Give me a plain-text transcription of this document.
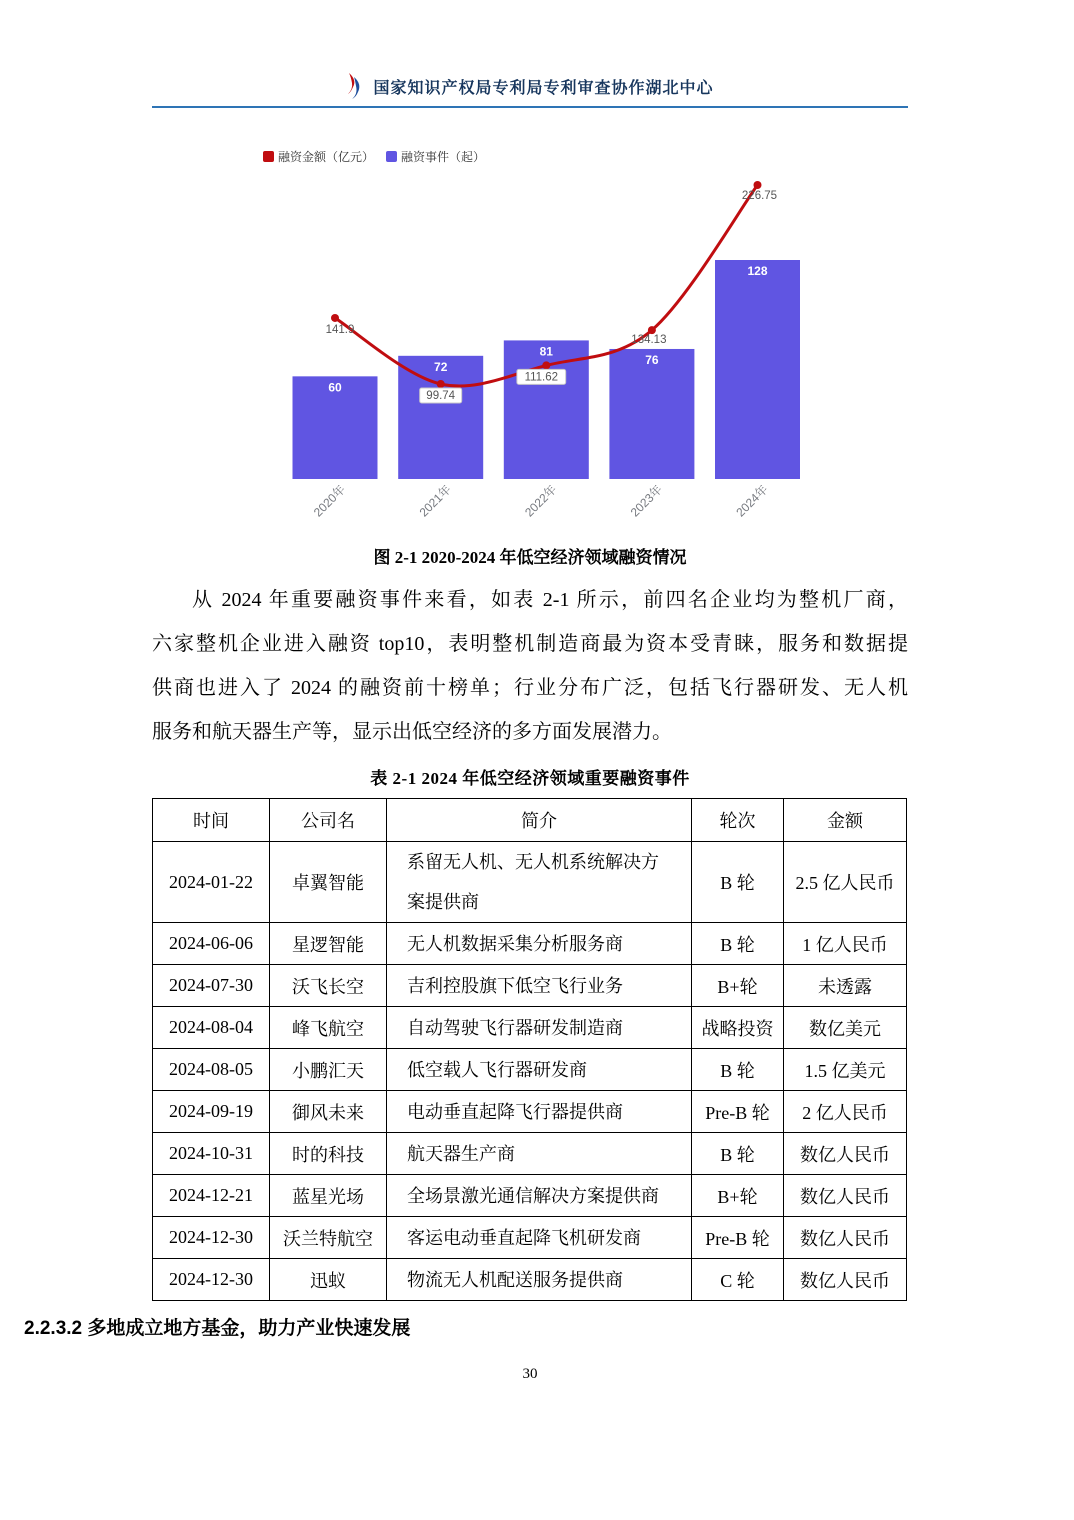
国家知识产权局专利局专利审查协作湖北中心
融资金额（亿元） 融资事件（起）
60
72
81
76
128
2020年	2021年	2022年	2023年	2024年
141.9
99.74
111.62
134.13
226.75
图 2-1 2020-2024 年低空经济领域融资情况
从 2024 年重要融资事件来看，如表 2-1 所示，前四名企业均为整机厂商，
六家整机企业进入融资 top10，表明整机制造商最为资本受青睐，服务和数据提
供商也进入了 2024 的融资前十榜单；行业分布广泛，包括飞行器研发、无人机
服务和航天器生产等，显示出低空经济的多方面发展潜力。
表 2-1 2024 年低空经济领域重要融资事件
时间	公司名	简介	轮次	金额
2024-01-22	卓翼智能	系留无人机、无人机系统解决方案提供商	B 轮	2.5 亿人民币
2024-06-06	星逻智能	无人机数据采集分析服务商	B 轮	1 亿人民币
2024-07-30	沃飞长空	吉利控股旗下低空飞行业务	B+轮	未透露
2024-08-04	峰飞航空	自动驾驶飞行器研发制造商	战略投资	数亿美元
2024-08-05	小鹏汇天	低空载人飞行器研发商	B 轮	1.5 亿美元
2024-09-19	御风未来	电动垂直起降飞行器提供商	Pre-B 轮	2 亿人民币
2024-10-31	时的科技	航天器生产商	B 轮	数亿人民币
2024-12-21	蓝星光场	全场景激光通信解决方案提供商	B+轮	数亿人民币
2024-12-30	沃兰特航空	客运电动垂直起降飞机研发商	Pre-B 轮	数亿人民币
2024-12-30	迅蚁	物流无人机配送服务提供商	C 轮	数亿人民币
2.2.3.2 多地成立地方基金，助力产业快速发展
30
